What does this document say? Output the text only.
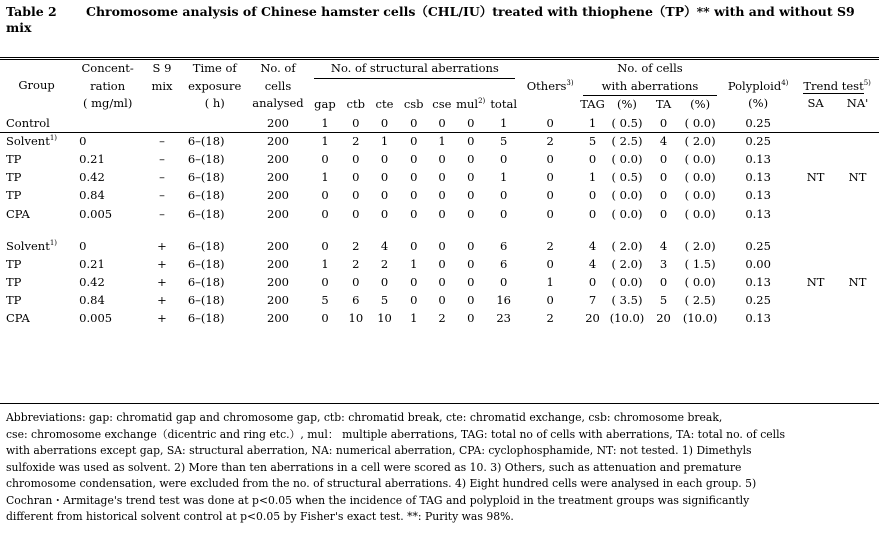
Table 2 Chromosome analysis of Chinese hamster cells（CHL/IU）treated with thiophene（TP）** with and without S9 mix
Group	
Concent-
ration
( mg/ml)

S 9
mix

Time of
exposure
( h)

No. of
cells
analysed

No. of structural aberrations
gap	ctb	cte	csb	cse	mul$^{2)}$	total

Others$^{3)}$

No. of cells
with aberrations
TAG	(%)	TA	(%)

Polyploid$^{4)}$
(%)

Trend test$^{5)}$
SA	NA'

Control				200	1	0	0	0	0	0	1	0	1	( 0.5)	0	( 0.0)	0.25		
Solvent$^{1)}$	0	–	6–(18)	200	1	2	1	0	1	0	5	2	5	( 2.5)	4	( 2.0)	0.25		
TP	0.21	–	6–(18)	200	0	0	0	0	0	0	0	0	0	( 0.0)	0	( 0.0)	0.13		
TP	0.42	–	6–(18)	200	1	0	0	0	0	0	1	0	1	( 0.5)	0	( 0.0)	0.13	NT	NT
TP	0.84	–	6–(18)	200	0	0	0	0	0	0	0	0	0	( 0.0)	0	( 0.0)	0.13		
CPA	0.005	–	6–(18)	200	0	0	0	0	0	0	0	0	0	( 0.0)	0	( 0.0)	0.13		

Solvent$^{1)}$	0	+	6–(18)	200	0	2	4	0	0	0	6	2	4	( 2.0)	4	( 2.0)	0.25		
TP	0.21	+	6–(18)	200	1	2	2	1	0	0	6	0	4	( 2.0)	3	( 1.5)	0.00		
TP	0.42	+	6–(18)	200	0	0	0	0	0	0	0	1	0	( 0.0)	0	( 0.0)	0.13	NT	NT
TP	0.84	+	6–(18)	200	5	6	5	0	0	0	16	0	7	( 3.5)	5	( 2.5)	0.25		
CPA	0.005	+	6–(18)	200	0	10	10	1	2	0	23	2	20	(10.0)	20	(10.0)	0.13		
Abbreviations: gap: chromatid gap and chromosome gap, ctb: chromatid break, cte: chromatid exchange, csb: chromosome break,
cse: chromosome exchange（dicentric and ring etc.）, mul： multiple aberrations, TAG: total no of cells with aberrations, TA: total no. of cells
with aberrations except gap, SA: structural aberration, NA: numerical aberration, CPA: cyclophosphamide, NT: not tested. 1) Dimethyls
sulfoxide was used as solvent. 2) More than ten aberrations in a cell were scored as 10. 3) Others, such as attenuation and premature
chromosome condensation, were excluded from the no. of structural aberrations. 4) Eight hundred cells were analysed in each group. 5)
Cochran・Armitage's trend test was done at p<0.05 when the incidence of TAG and polyploid in the treatment groups was significantly
different from historical solvent control at p<0.05 by Fisher's exact test. **: Purity was 98%.
